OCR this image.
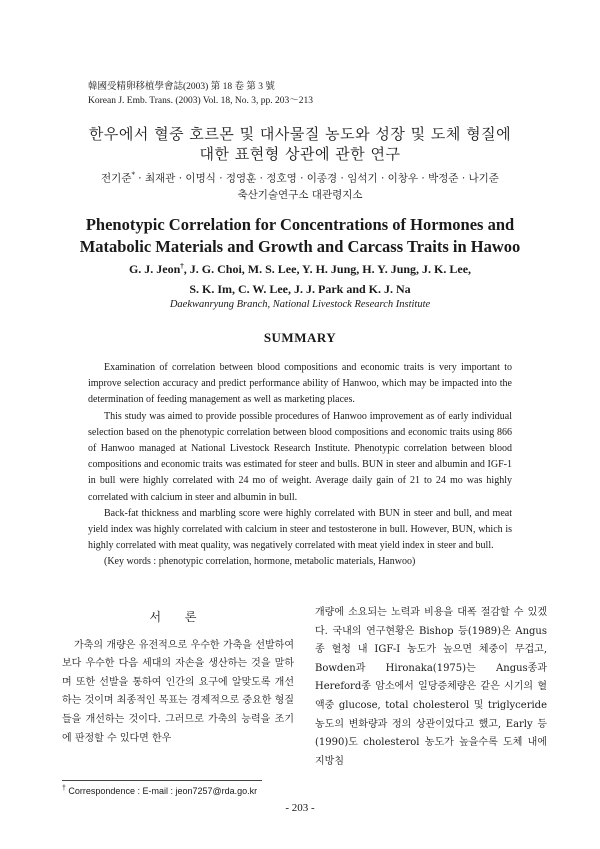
韓國受精卵移植學會誌(2003) 第 18 卷 第 3 號
Korean J. Emb. Trans. (2003) Vol. 18, No. 3, pp. 203～213
한우에서 혈중 호르몬 및 대사물질 농도와 성장 및 도체 형질에
대한 표현형 상관에 관한 연구
전기준* · 최재관 · 이명식 · 정영훈 · 정호영 · 이종경 · 임석기 · 이창우 · 박정준 · 나기준
축산기술연구소 대관령지소
Phenotypic Correlation for Concentrations of Hormones and
Matabolic Materials and Growth and Carcass Traits in Hawoo
G. J. Jeon†, J. G. Choi, M. S. Lee, Y. H. Jung, H. Y. Jung, J. K. Lee,
S. K. Im, C. W. Lee, J. J. Park and K. J. Na
Daekwanryung Branch, National Livestock Research Institute
SUMMARY

Examination of correlation between blood compositions and economic traits is very important to improve selection accuracy and predict performance ability of Hanwoo, which may be impacted into the determination of feeding management as well as marketing places.

This study was aimed to provide possible procedures of Hanwoo improvement as of early individual selection based on the phenotypic correlation between blood compositions and economic traits using 866 of Hanwoo managed at National Livestock Research Institute. Phenotypic correlation between blood compositions and economic traits was estimated for steer and bulls. BUN in steer and albumin and IGF-1 in bull were highly correlated with 24 mo of weight. Average daily gain of 21 to 24 mo was highly correlated with calcium in steer and albumin in bull.

Back-fat thickness and marbling score were highly correlated with BUN in steer and bull, and meat yield index was highly correlated with calcium in steer and testosterone in bull. However, BUN, which is highly correlated with meat quality, was negatively correlated with meat yield index in steer and bull.

(Key words : phenotypic correlation, hormone, metabolic materials, Hanwoo)

서 론

가축의 개량은 유전적으로 우수한 가축을 선발하여 보다 우수한 다음 세대의 자손을 생산하는 것을 말하며 또한 선발을 통하여 인간의 요구에 알맞도록 개선하는 것이며 최종적인 목표는 경제적으로 중요한 형질들을 개선하는 것이다. 그러므로 가축의 능력을 조기에 판정할 수 있다면 한우

개량에 소요되는 노력과 비용을 대폭 절감할 수 있겠다. 국내의 연구현황은 Bishop 등(1989)은 Angus종 혈청 내 IGF-I 농도가 높으면 체중이 무겁고, Bowden과 Hironaka(1975)는 Angus종과 Hereford종 암소에서 일당증체량은 같은 시기의 혈액중 glucose, total cholesterol 및 triglyceride 농도의 변화량과 정의 상관이었다고 했고, Early 등(1990)도 cholesterol 농도가 높을수록 도체 내에 지방침

† Correspondence : E-mail : jeon7257@rda.go.kr
- 203 -
